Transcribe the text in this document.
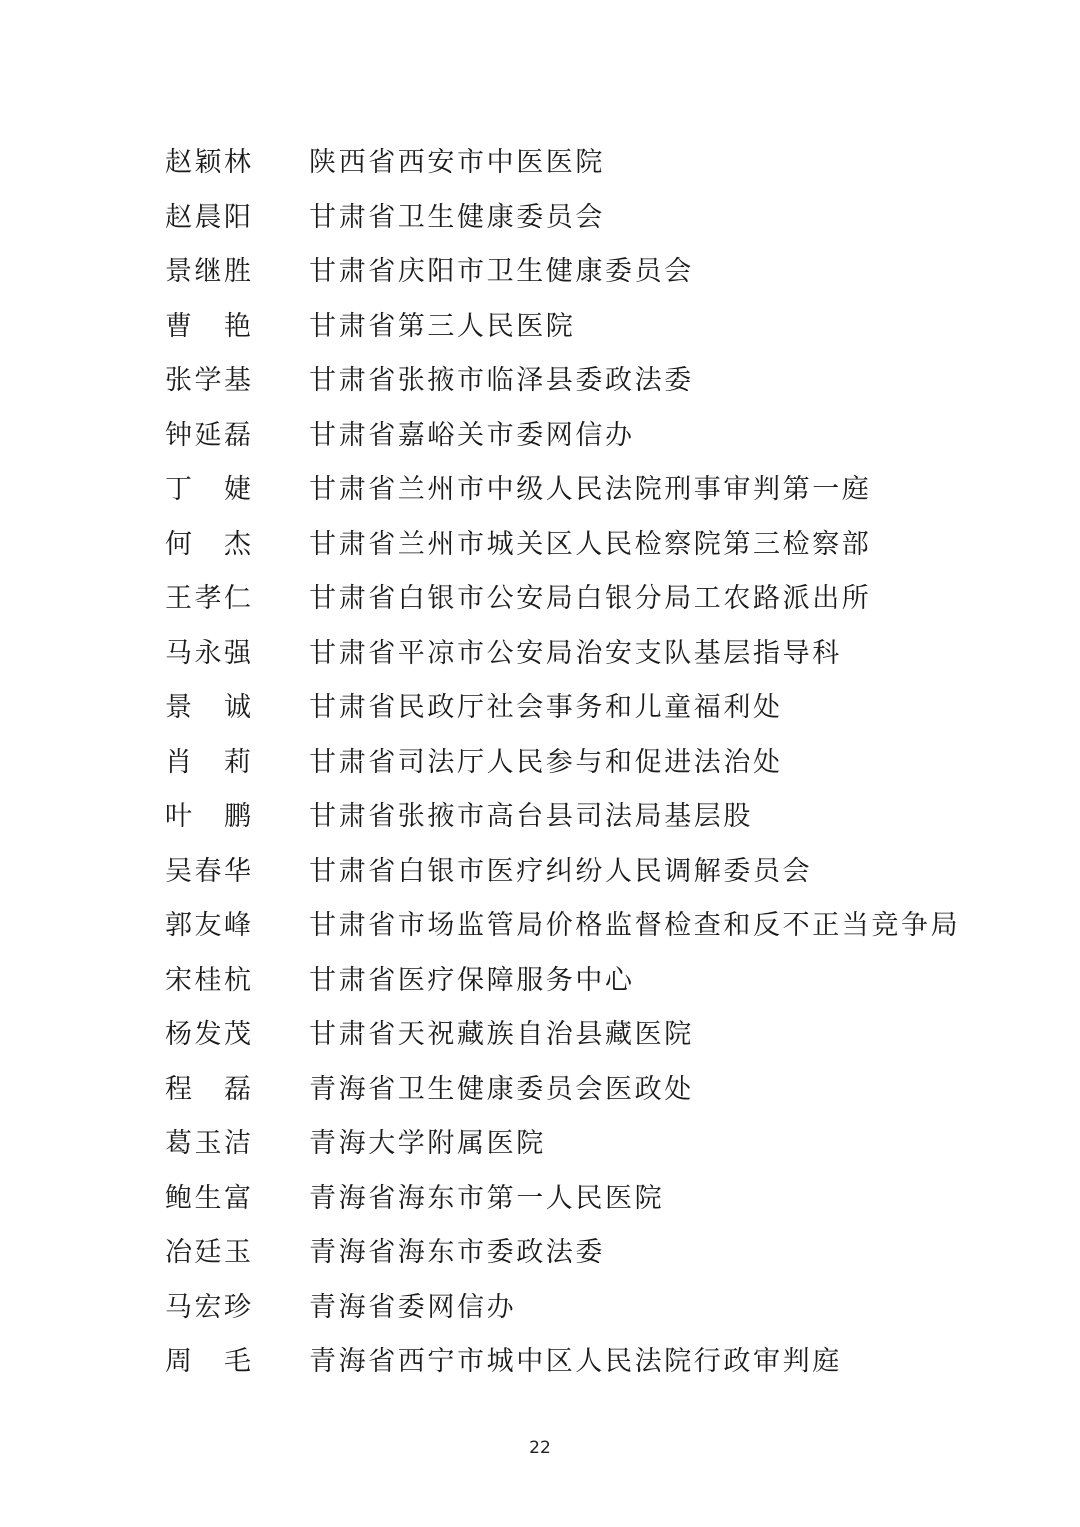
赵 颖 林 陕西省西安市中医医院
赵 晨 阳 甘肃省卫生健康委员会
景 继 胜 甘肃省庆阳市卫生健康委员会
曹 艳 甘肃省第三人民医院
张 学 基 甘肃省张掖市临泽县委政法委
钟 延 磊 甘肃省嘉峪关市委网信办
丁 婕 甘肃省兰州市中级人民法院刑事审判第一庭
何 杰 甘肃省兰州市城关区人民检察院第三检察部
王 孝 仁 甘肃省白银市公安局白银分局工农路派出所
马 永 强 甘肃省平凉市公安局治安支队基层指导科
景 诚 甘肃省民政厅社会事务和儿童福利处
肖 莉 甘肃省司法厅人民参与和促进法治处
叶 鹏 甘肃省张掖市高台县司法局基层股
吴 春 华 甘肃省白银市医疗纠纷人民调解委员会
郭 友 峰 甘肃省市场监管局价格监督检查和反不正当竞争局
宋 桂 杭 甘肃省医疗保障服务中心
杨 发 茂 甘肃省天祝藏族自治县藏医院
程 磊 青海省卫生健康委员会医政处
葛 玉 洁 青海大学附属医院
鲍 生 富 青海省海东市第一人民医院
冶 廷 玉 青海省海东市委政法委
马 宏 珍 青海省委网信办
周 毛 青海省西宁市城中区人民法院行政审判庭
22
